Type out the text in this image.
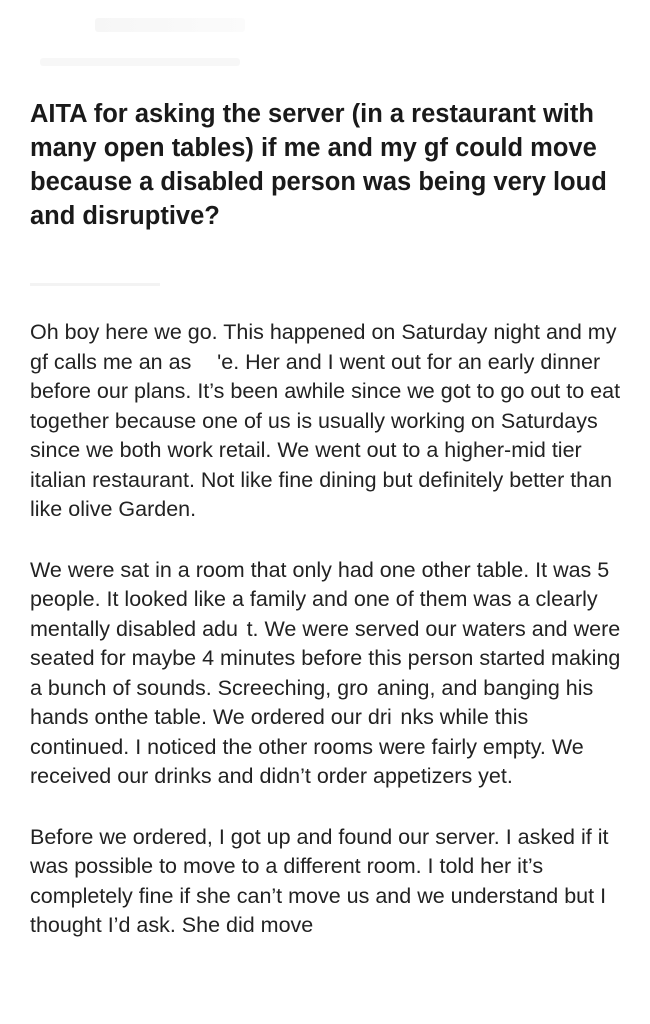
AITA for asking the server (in a restaurant with many open tables) if me and my gf could move because a disabled person was being very loud and disruptive?

Oh boy here we go. This happened on Saturday night and my gf calls me an as      'e. Her and I went out for an early dinner before our plans. It’s been awhile since we got to go out to eat together because one of us is usually working on Saturdays since we both work retail. We went out to a higher-mid tier italian restaurant. Not like fine dining but definitely better than like olive Garden.

We were sat in a room that only had one other table. It was 5 people. It looked like a family and one of them was a clearly mentally disabled adu  t. We were served our waters and were seated for maybe 4 minutes before this person started making a bunch of sounds. Screeching, gro  aning, and banging his hands onthe table. We ordered our dri  nks while this continued. I noticed the other rooms were fairly empty. We received our drinks and didn’t order appetizers yet.

Before we ordered, I got up and found our server. I asked if it was possible to move to a different room. I told her it’s completely fine if she can’t move us and we understand but I thought I’d ask. She did move
